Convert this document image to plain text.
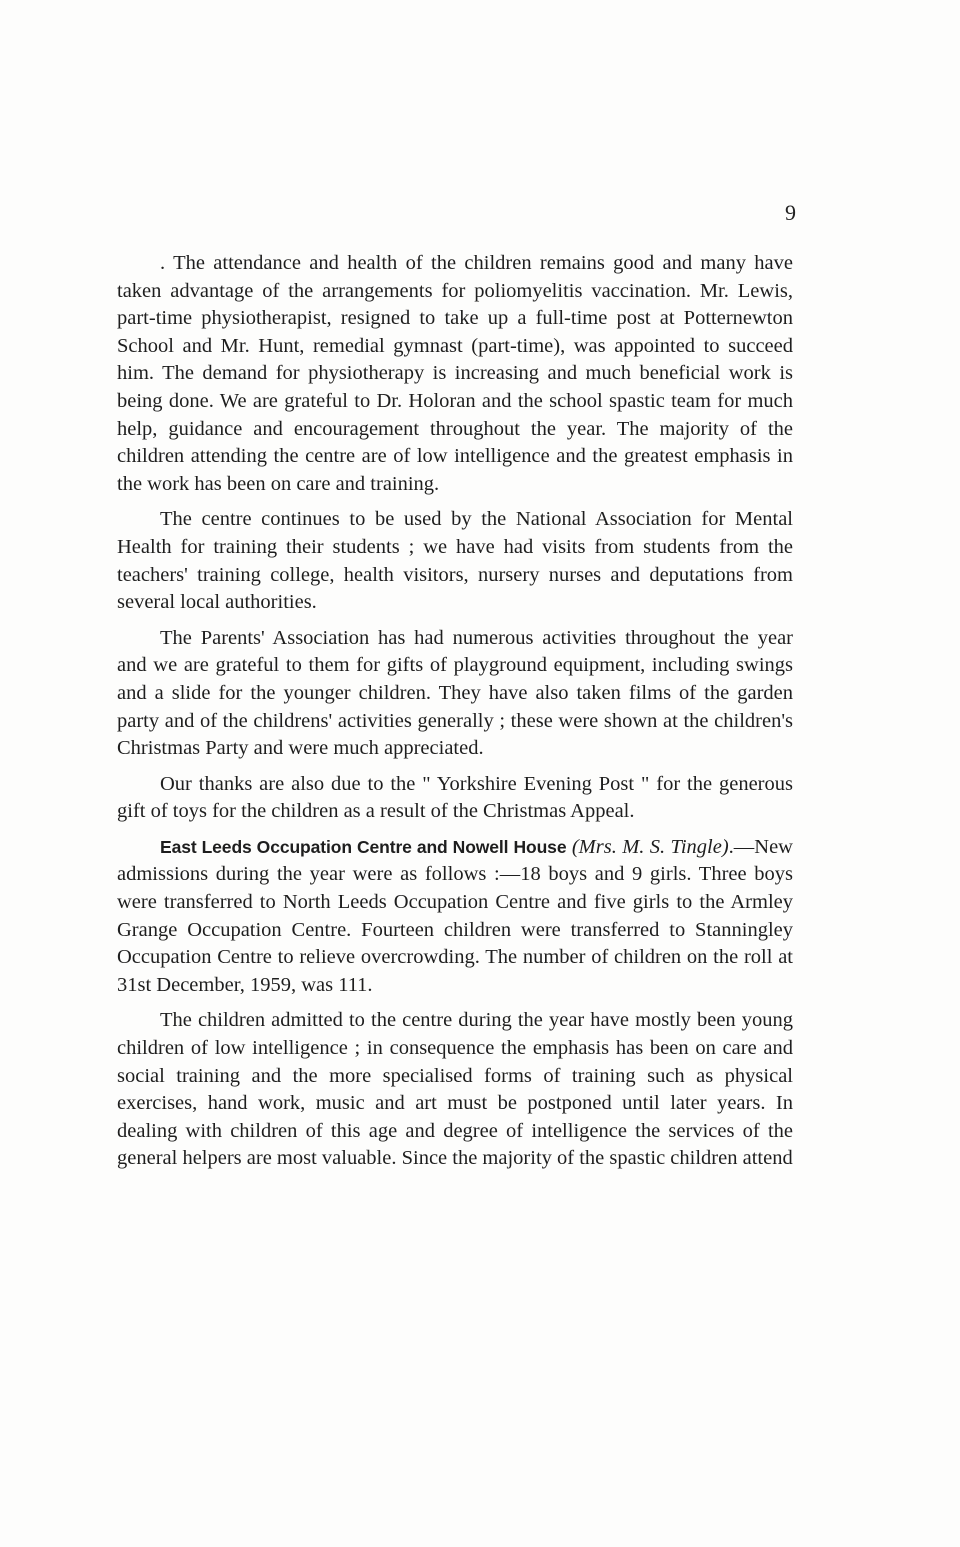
9

. The attendance and health of the children remains good and many have taken advantage of the arrangements for poliomyelitis vaccination. Mr. Lewis, part-time physiotherapist, resigned to take up a full-time post at Potternewton School and Mr. Hunt, remedial gymnast (part-time), was appointed to succeed him. The demand for physiotherapy is increasing and much beneficial work is being done. We are grateful to Dr. Holoran and the school spastic team for much help, guidance and encouragement throughout the year. The majority of the children attending the centre are of low intelligence and the greatest emphasis in the work has been on care and training.

The centre continues to be used by the National Association for Mental Health for training their students ; we have had visits from students from the teachers' training college, health visitors, nursery nurses and deputations from several local authorities.

The Parents' Association has had numerous activities throughout the year and we are grateful to them for gifts of playground equipment, including swings and a slide for the younger children. They have also taken films of the garden party and of the childrens' activities generally ; these were shown at the children's Christmas Party and were much appreciated.

Our thanks are also due to the " Yorkshire Evening Post " for the generous gift of toys for the children as a result of the Christmas Appeal.

East Leeds Occupation Centre and Nowell House (Mrs. M. S. Tingle).—New admissions during the year were as follows :—18 boys and 9 girls. Three boys were transferred to North Leeds Occupation Centre and five girls to the Armley Grange Occupation Centre. Fourteen children were transferred to Stanningley Occupation Centre to relieve overcrowding. The number of children on the roll at 31st December, 1959, was 111.

The children admitted to the centre during the year have mostly been young children of low intelligence ; in consequence the emphasis has been on care and social training and the more specialised forms of training such as physical exercises, hand work, music and art must be postponed until later years. In dealing with children of this age and degree of intelligence the services of the general helpers are most valuable. Since the majority of the spastic children attend
